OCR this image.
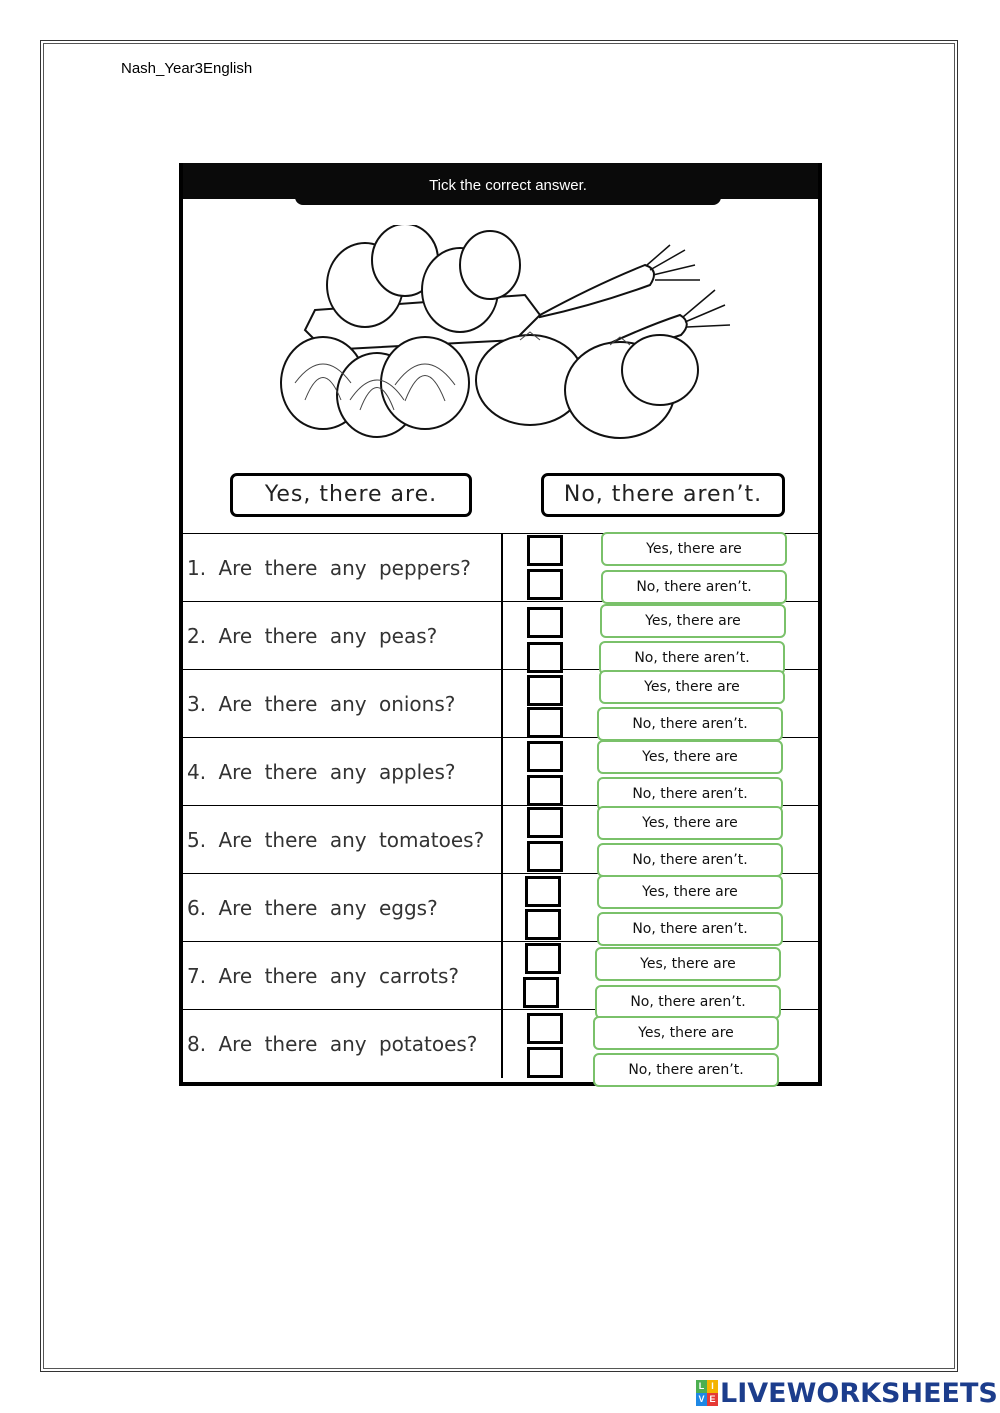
Nash_Year3English
Tick the correct answer.
Yes, there are.	No, there aren’t.
1. Are there any peppers?
2. Are there any peas?
3. Are there any onions?
4. Are there any apples?
5. Are there any tomatoes?
6. Are there any eggs?
7. Are there any carrots?
8. Are there any potatoes?
Yes, there are
No, there aren’t.
Yes, there are
No, there aren’t.
Yes, there are
No, there aren’t.
Yes, there are
No, there aren’t.
Yes, there are
No, there aren’t.
Yes, there are
No, there aren’t.
Yes, there are
No, there aren’t.
Yes, there are
No, there aren’t.
L I
V E LIVEWORKSHEETS
